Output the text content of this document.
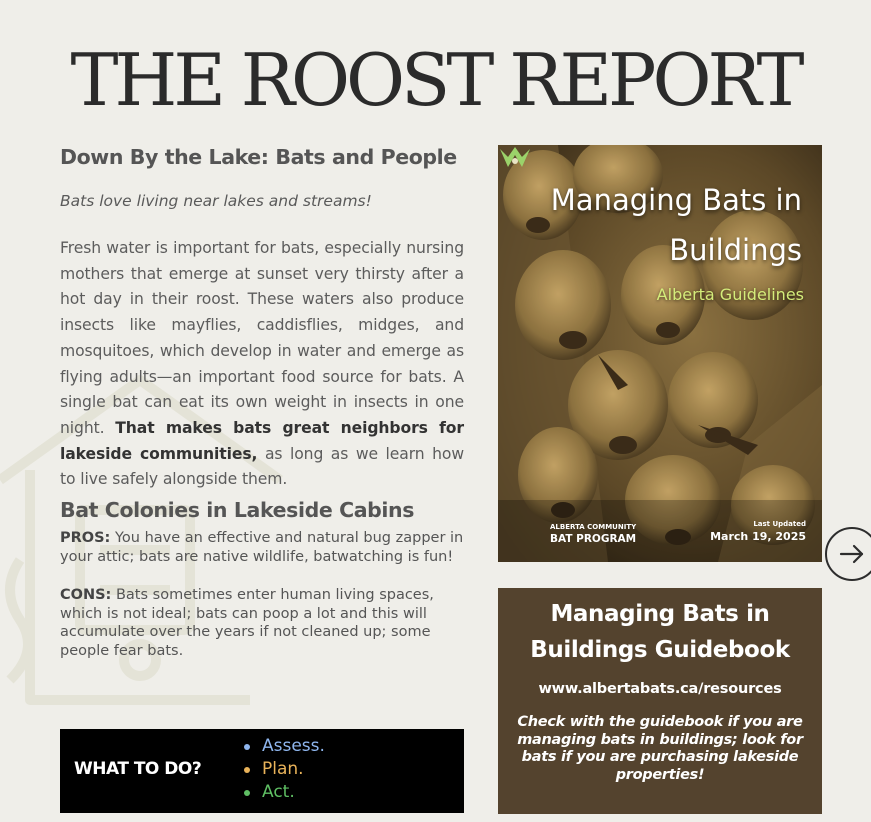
THE ROOST REPORT
Down By the Lake: Bats and People

Bats love living near lakes and streams!

Fresh water is important for bats, especially nursing mothers that emerge at sunset very thirsty after a hot day in their roost. These waters also produce insects like mayflies, caddisflies, midges, and mosquitoes, which develop in water and emerge as flying adults—an important food source for bats. A single bat can eat its own weight in insects in one night. That makes bats great neighbors for lakeside communities, as long as we learn how to live safely alongside them.

Bat Colonies in Lakeside Cabins

PROS: You have an effective and natural bug zapper in your attic; bats are native wildlife, batwatching is fun!

CONS: Bats sometimes enter human living spaces, which is not ideal; bats can poop a lot and this will accumulate over the years if not cleaned up; some people fear bats.

WHAT TO DO?
Assess.
Plan.
Act.
Managing Bats in
Buildings
Alberta Guidelines
ALBERTA COMMUNITY
BAT PROGRAM
Last Updated
March 19, 2025
Managing Bats in
Buildings Guidebook
www.albertabats.ca/resources

Check with the guidebook if you are managing bats in buildings; look for bats if you are purchasing lakeside properties!
